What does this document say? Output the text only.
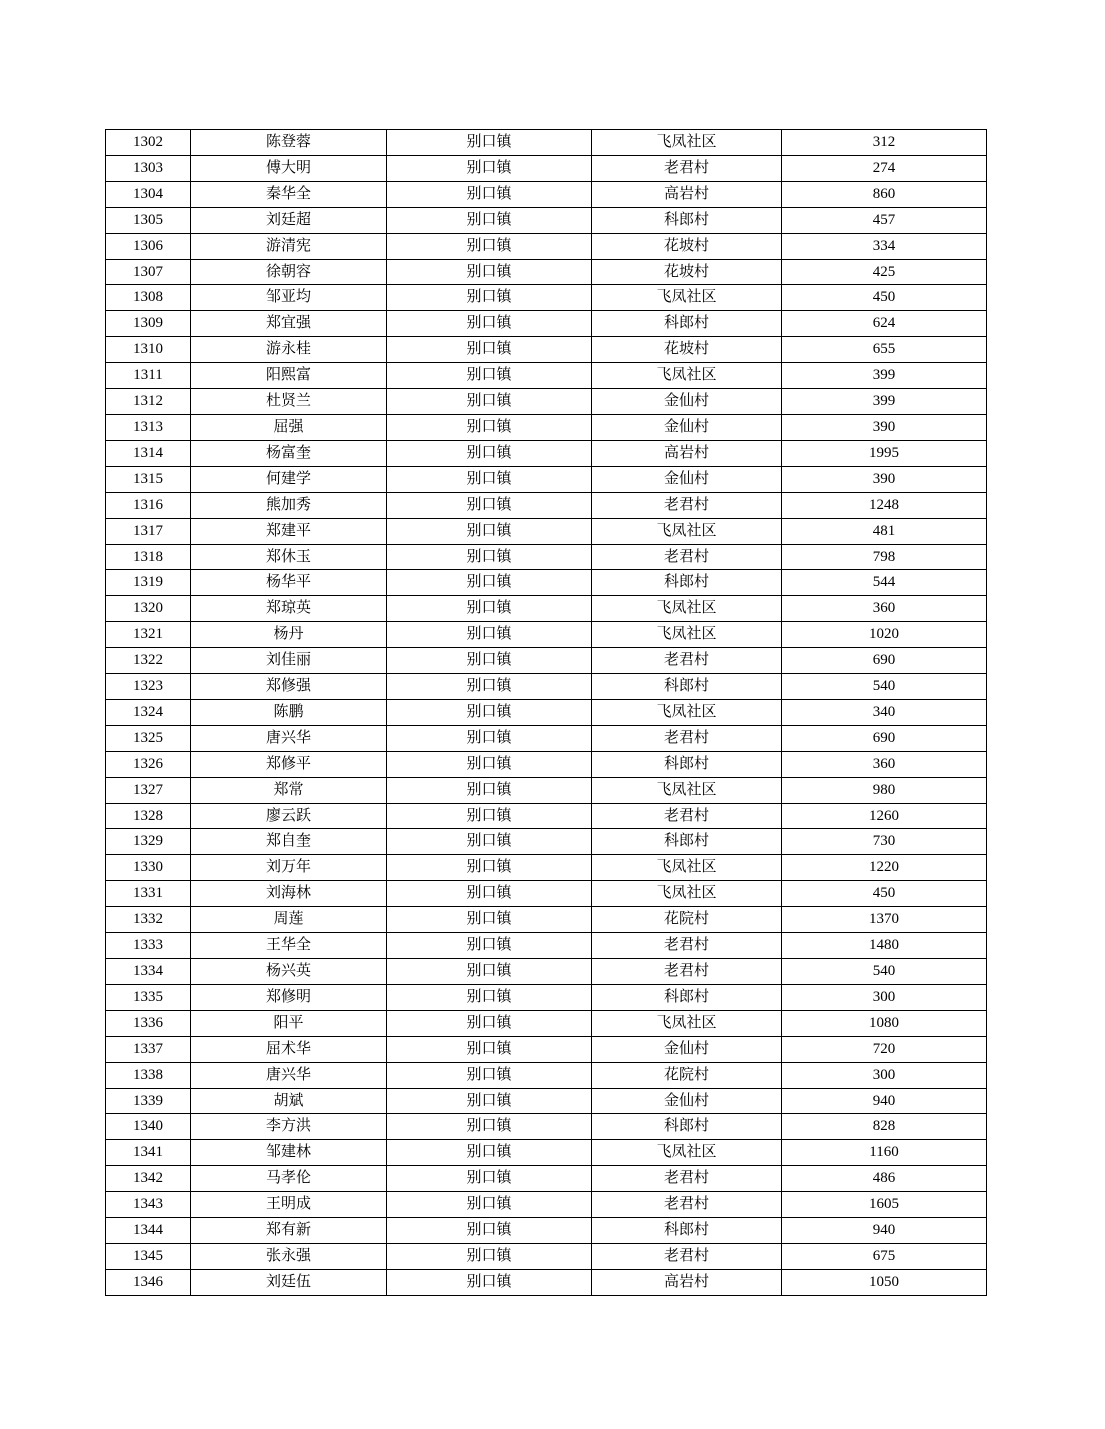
1302	陈登蓉	别口镇	飞凤社区	312
1303	傅大明	别口镇	老君村	274
1304	秦华全	别口镇	高岩村	860
1305	刘廷超	别口镇	科郎村	457
1306	游清宪	别口镇	花坡村	334
1307	徐朝容	别口镇	花坡村	425
1308	邹亚均	别口镇	飞凤社区	450
1309	郑宜强	别口镇	科郎村	624
1310	游永桂	别口镇	花坡村	655
1311	阳熙富	别口镇	飞凤社区	399
1312	杜贤兰	别口镇	金仙村	399
1313	屈强	别口镇	金仙村	390
1314	杨富奎	别口镇	高岩村	1995
1315	何建学	别口镇	金仙村	390
1316	熊加秀	别口镇	老君村	1248
1317	郑建平	别口镇	飞凤社区	481
1318	郑休玉	别口镇	老君村	798
1319	杨华平	别口镇	科郎村	544
1320	郑琼英	别口镇	飞凤社区	360
1321	杨丹	别口镇	飞凤社区	1020
1322	刘佳丽	别口镇	老君村	690
1323	郑修强	别口镇	科郎村	540
1324	陈鹏	别口镇	飞凤社区	340
1325	唐兴华	别口镇	老君村	690
1326	郑修平	别口镇	科郎村	360
1327	郑常	别口镇	飞凤社区	980
1328	廖云跃	别口镇	老君村	1260
1329	郑自奎	别口镇	科郎村	730
1330	刘万年	别口镇	飞凤社区	1220
1331	刘海林	别口镇	飞凤社区	450
1332	周莲	别口镇	花院村	1370
1333	王华全	别口镇	老君村	1480
1334	杨兴英	别口镇	老君村	540
1335	郑修明	别口镇	科郎村	300
1336	阳平	别口镇	飞凤社区	1080
1337	屈术华	别口镇	金仙村	720
1338	唐兴华	别口镇	花院村	300
1339	胡斌	别口镇	金仙村	940
1340	李方洪	别口镇	科郎村	828
1341	邹建林	别口镇	飞凤社区	1160
1342	马孝伦	别口镇	老君村	486
1343	王明成	别口镇	老君村	1605
1344	郑有新	别口镇	科郎村	940
1345	张永强	别口镇	老君村	675
1346	刘廷伍	别口镇	高岩村	1050
